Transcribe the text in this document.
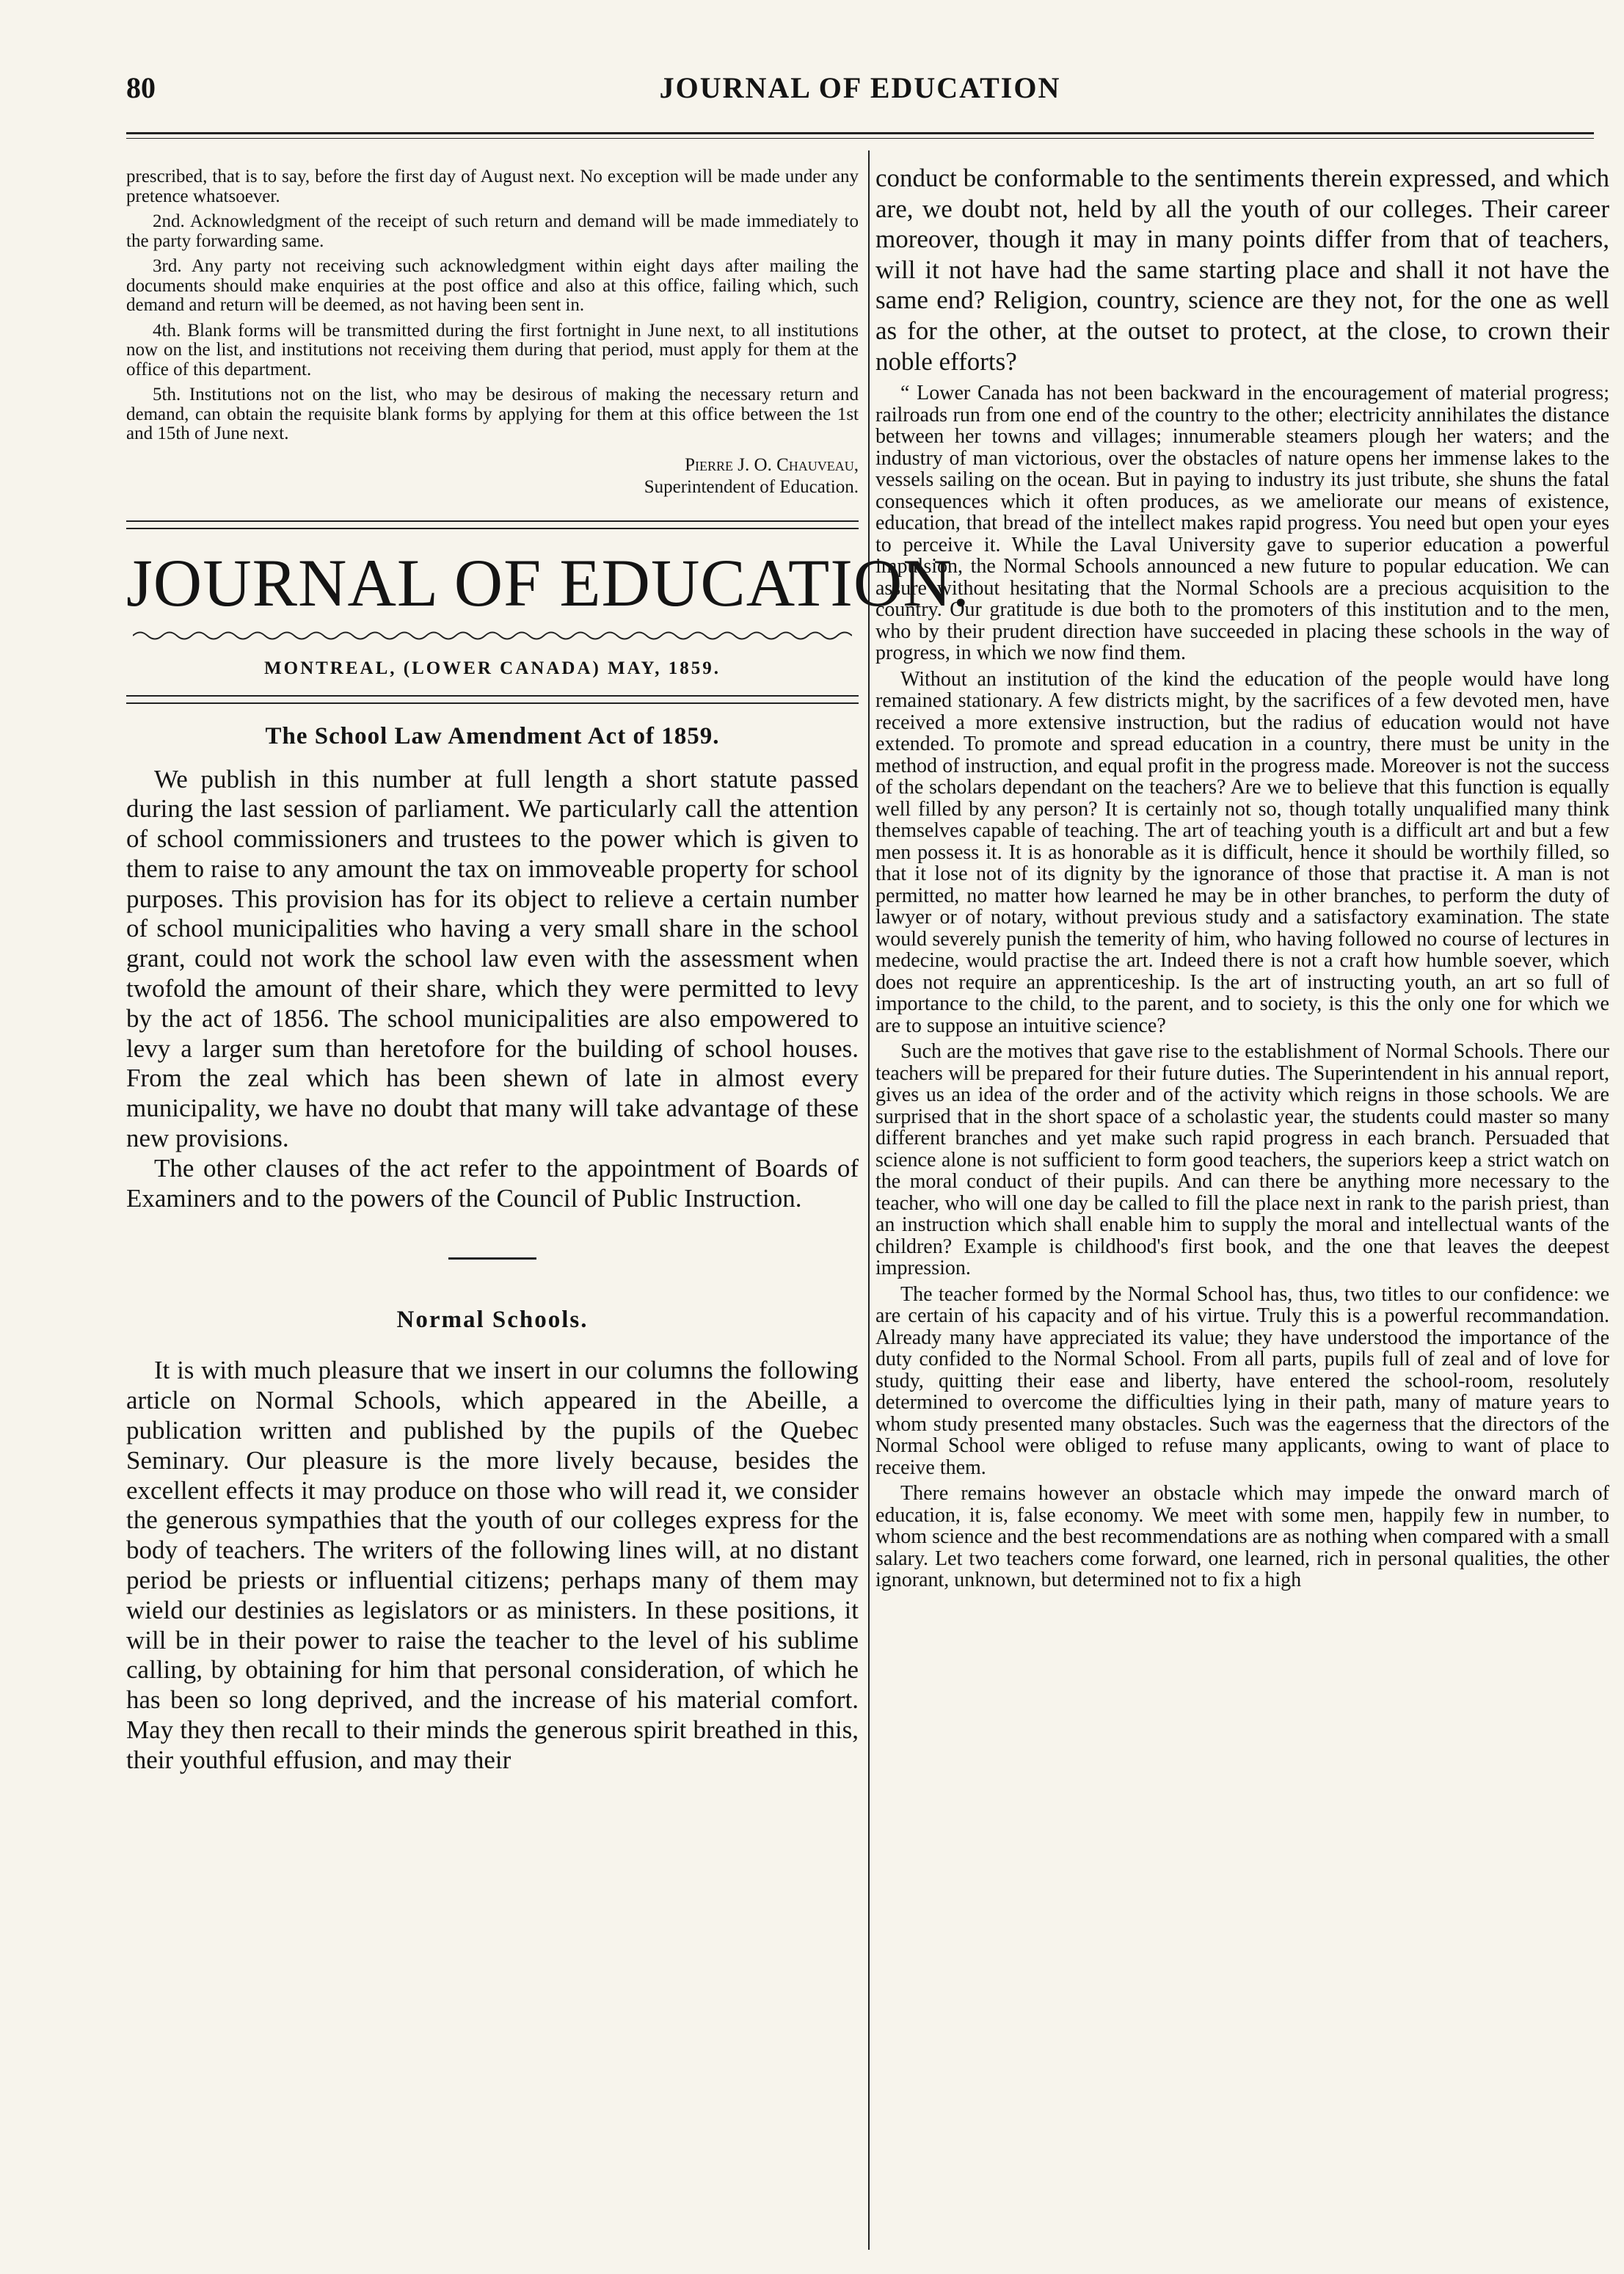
80	JOURNAL OF EDUCATION

prescribed, that is to say, before the first day of August next. No exception will be made under any pretence whatsoever.

2nd. Acknowledgment of the receipt of such return and demand will be made immediately to the party forwarding same.

3rd. Any party not receiving such acknowledgment within eight days after mailing the documents should make enquiries at the post office and also at this office, failing which, such demand and return will be deemed, as not having been sent in.

4th. Blank forms will be transmitted during the first fortnight in June next, to all institutions now on the list, and institutions not receiving them during that period, must apply for them at the office of this department.

5th. Institutions not on the list, who may be desirous of making the necessary return and demand, can obtain the requisite blank forms by applying for them at this office between the 1st and 15th of June next.

Pierre J. O. Chauveau,
Superintendent of Education.
JOURNAL OF EDUCATION.
MONTREAL, (LOWER CANADA) MAY, 1859.
The School Law Amendment Act of 1859.

We publish in this number at full length a short statute passed during the last session of parliament. We particularly call the attention of school commissioners and trustees to the power which is given to them to raise to any amount the tax on immoveable property for school purposes. This provision has for its object to relieve a certain number of school municipalities who having a very small share in the school grant, could not work the school law even with the assessment when twofold the amount of their share, which they were permitted to levy by the act of 1856. The school municipalities are also empowered to levy a larger sum than heretofore for the building of school houses. From the zeal which has been shewn of late in almost every municipality, we have no doubt that many will take advantage of these new provisions.

The other clauses of the act refer to the appointment of Boards of Examiners and to the powers of the Council of Public Instruction.

Normal Schools.

It is with much pleasure that we insert in our columns the following article on Normal Schools, which appeared in the Abeille, a publication written and published by the pupils of the Quebec Seminary. Our pleasure is the more lively because, besides the excellent effects it may produce on those who will read it, we consider the generous sympathies that the youth of our colleges express for the body of teachers. The writers of the following lines will, at no distant period be priests or influential citizens; perhaps many of them may wield our destinies as legislators or as ministers. In these positions, it will be in their power to raise the teacher to the level of his sublime calling, by obtaining for him that personal consideration, of which he has been so long deprived, and the increase of his material comfort. May they then recall to their minds the generous spirit breathed in this, their youthful effusion, and may their

conduct be conformable to the sentiments therein expressed, and which are, we doubt not, held by all the youth of our colleges. Their career moreover, though it may in many points differ from that of teachers, will it not have had the same starting place and shall it not have the same end? Religion, country, science are they not, for the one as well as for the other, at the outset to protect, at the close, to crown their noble efforts?

“ Lower Canada has not been backward in the encouragement of material progress; railroads run from one end of the country to the other; electricity annihilates the distance between her towns and villages; innumerable steamers plough her waters; and the industry of man victorious, over the obstacles of nature opens her immense lakes to the vessels sailing on the ocean. But in paying to industry its just tribute, she shuns the fatal consequences which it often produces, as we ameliorate our means of existence, education, that bread of the intellect makes rapid progress. You need but open your eyes to perceive it. While the Laval University gave to superior education a powerful impulsion, the Normal Schools announced a new future to popular education. We can assure without hesitating that the Normal Schools are a precious acquisition to the country. Our gratitude is due both to the promoters of this institution and to the men, who by their prudent direction have succeeded in placing these schools in the way of progress, in which we now find them.

Without an institution of the kind the education of the people would have long remained stationary. A few districts might, by the sacrifices of a few devoted men, have received a more extensive instruction, but the radius of education would not have extended. To promote and spread education in a country, there must be unity in the method of instruction, and equal profit in the progress made. Moreover is not the success of the scholars dependant on the teachers? Are we to believe that this function is equally well filled by any person? It is certainly not so, though totally unqualified many think themselves capable of teaching. The art of teaching youth is a difficult art and but a few men possess it. It is as honorable as it is difficult, hence it should be worthily filled, so that it lose not of its dignity by the ignorance of those that practise it. A man is not permitted, no matter how learned he may be in other branches, to perform the duty of lawyer or of notary, without previous study and a satisfactory examination. The state would severely punish the temerity of him, who having followed no course of lectures in medecine, would practise the art. Indeed there is not a craft how humble soever, which does not require an apprenticeship. Is the art of instructing youth, an art so full of importance to the child, to the parent, and to society, is this the only one for which we are to suppose an intuitive science?

Such are the motives that gave rise to the establishment of Normal Schools. There our teachers will be prepared for their future duties. The Superintendent in his annual report, gives us an idea of the order and of the activity which reigns in those schools. We are surprised that in the short space of a scholastic year, the students could master so many different branches and yet make such rapid progress in each branch. Persuaded that science alone is not sufficient to form good teachers, the superiors keep a strict watch on the moral conduct of their pupils. And can there be anything more necessary to the teacher, who will one day be called to fill the place next in rank to the parish priest, than an instruction which shall enable him to supply the moral and intellectual wants of the children? Example is childhood's first book, and the one that leaves the deepest impression.

The teacher formed by the Normal School has, thus, two titles to our confidence: we are certain of his capacity and of his virtue. Truly this is a powerful recommandation. Already many have appreciated its value; they have understood the importance of the duty confided to the Normal School. From all parts, pupils full of zeal and of love for study, quitting their ease and liberty, have entered the school-room, resolutely determined to overcome the difficulties lying in their path, many of mature years to whom study presented many obstacles. Such was the eagerness that the directors of the Normal School were obliged to refuse many applicants, owing to want of place to receive them.

There remains however an obstacle which may impede the onward march of education, it is, false economy. We meet with some men, happily few in number, to whom science and the best recommendations are as nothing when compared with a small salary. Let two teachers come forward, one learned, rich in personal qualities, the other ignorant, unknown, but determined not to fix a high
